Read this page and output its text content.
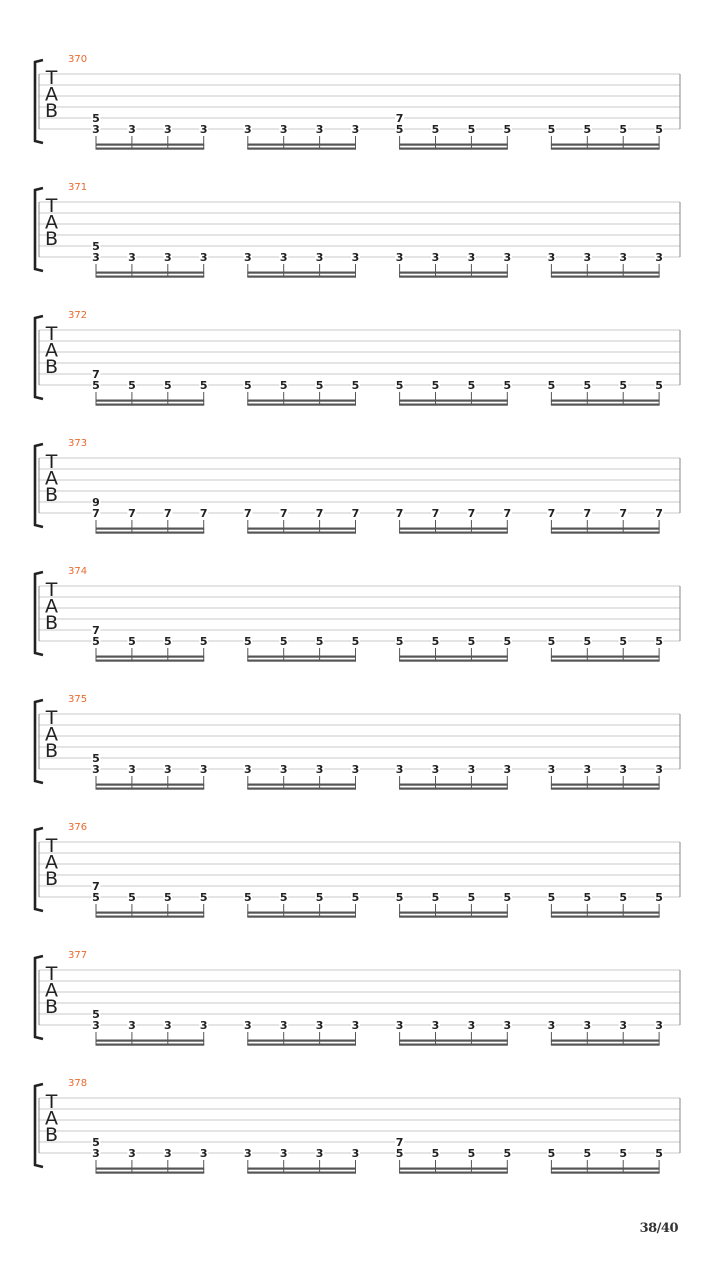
370
T
A
B
3
5
3	3	3	3	3	3	3	5
7
5	5	5	5	5	5	5
371
T
A
B
3
5
3	3	3	3	3	3	3	3	3	3	3	3	3	3	3
372
T
A
B
5
7
5	5	5	5	5	5	5	5	5	5	5	5	5	5	5
373
T
A
B
7
9
7	7	7	7	7	7	7	7	7	7	7	7	7	7	7
374
T
A
B
5
7
5	5	5	5	5	5	5	5	5	5	5	5	5	5	5
375
T
A
B
3
5
3	3	3	3	3	3	3	3	3	3	3	3	3	3	3
376
T
A
B
5
7
5	5	5	5	5	5	5	5	5	5	5	5	5	5	5
377
T
A
B
3
5
3	3	3	3	3	3	3	3	3	3	3	3	3	3	3
378
T
A
B
3
5
3	3	3	3	3	3	3	5
7
5	5	5	5	5	5	5
38/40
